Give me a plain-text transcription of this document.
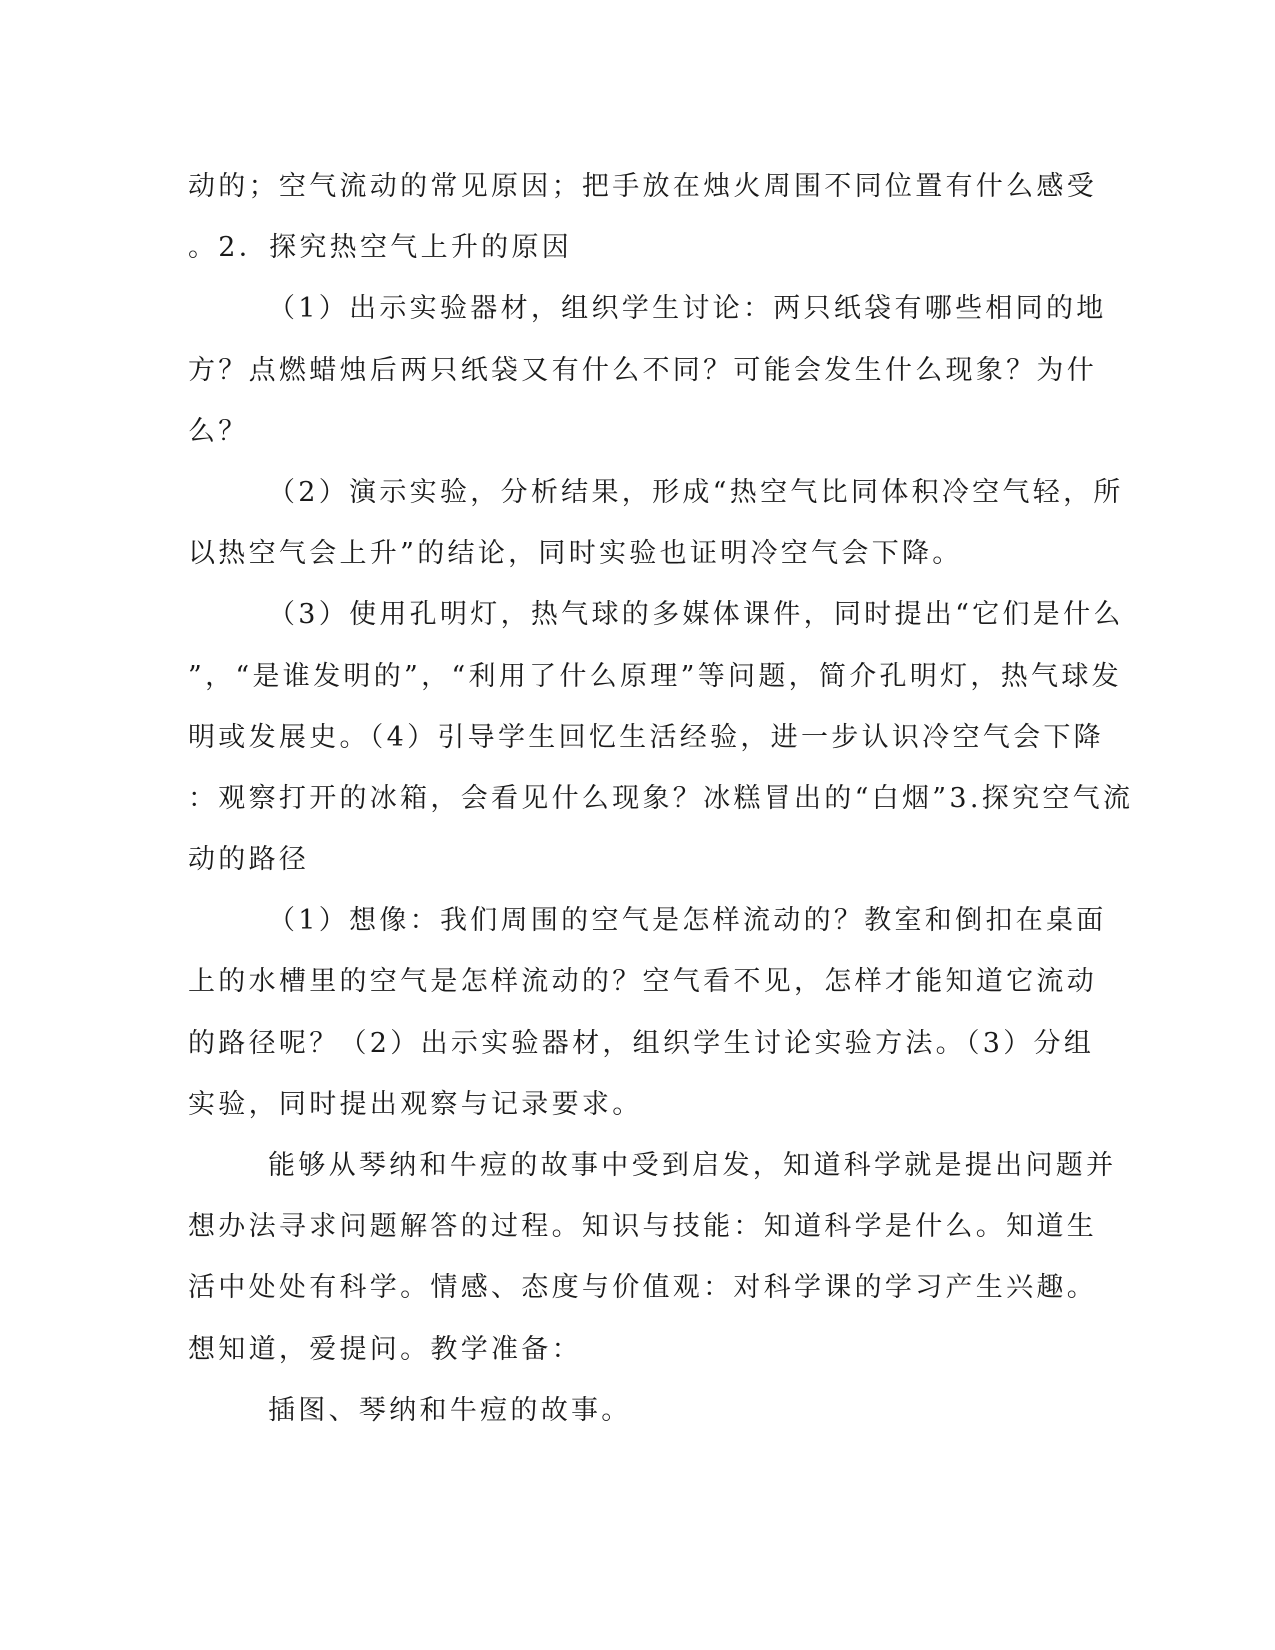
动的；空气流动的常见原因；把手放在烛火周围不同位置有什么感受
。2．探究热空气上升的原因
（1）出示实验器材，组织学生讨论：两只纸袋有哪些相同的地
方？点燃蜡烛后两只纸袋又有什么不同？可能会发生什么现象？为什
么？
（2）演示实验，分析结果，形成“热空气比同体积冷空气轻，所
以热空气会上升”的结论，同时实验也证明冷空气会下降。
（3）使用孔明灯，热气球的多媒体课件，同时提出“它们是什么
”，“是谁发明的”，“利用了什么原理”等问题，简介孔明灯，热气球发
明或发展史。（4）引导学生回忆生活经验，进一步认识冷空气会下降
：观察打开的冰箱，会看见什么现象？冰糕冒出的“白烟”3.探究空气流
动的路径
（1）想像：我们周围的空气是怎样流动的？教室和倒扣在桌面
上的水槽里的空气是怎样流动的？空气看不见，怎样才能知道它流动
的路径呢？（2）出示实验器材，组织学生讨论实验方法。（3）分组
实验，同时提出观察与记录要求。
能够从琴纳和牛痘的故事中受到启发，知道科学就是提出问题并
想办法寻求问题解答的过程。知识与技能：知道科学是什么。知道生
活中处处有科学。情感、态度与价值观：对科学课的学习产生兴趣。
想知道，爱提问。教学准备：
插图、琴纳和牛痘的故事。
